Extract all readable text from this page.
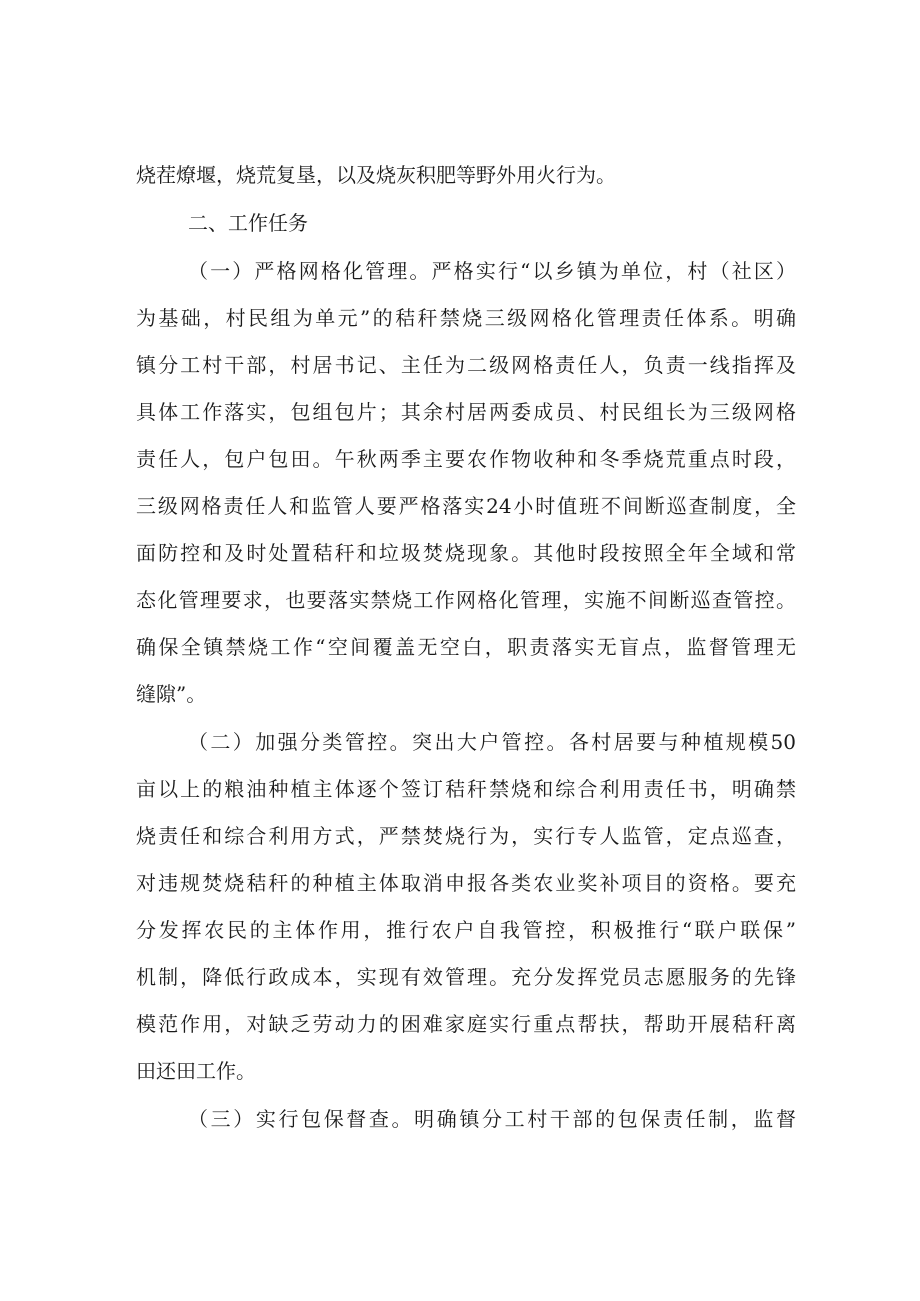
烧茬燎堰，烧荒复垦，以及烧灰积肥等野外用火行为。
二、工作任务
（一）严格网格化管理。严格实行“以乡镇为单位，村（社区）
为基础，村民组为单元”的秸秆禁烧三级网格化管理责任体系。明确
镇分工村干部，村居书记、主任为二级网格责任人，负责一线指挥及
具体工作落实，包组包片；其余村居两委成员、村民组长为三级网格
责任人，包户包田。午秋两季主要农作物收种和冬季烧荒重点时段，
三级网格责任人和监管人要严格落实24小时值班不间断巡查制度，全
面防控和及时处置秸秆和垃圾焚烧现象。其他时段按照全年全域和常
态化管理要求，也要落实禁烧工作网格化管理，实施不间断巡查管控。
确保全镇禁烧工作“空间覆盖无空白，职责落实无盲点，监督管理无
缝隙”。
（二）加强分类管控。突出大户管控。各村居要与种植规模50
亩以上的粮油种植主体逐个签订秸秆禁烧和综合利用责任书，明确禁
烧责任和综合利用方式，严禁焚烧行为，实行专人监管，定点巡查，
对违规焚烧秸秆的种植主体取消申报各类农业奖补项目的资格。要充
分发挥农民的主体作用，推行农户自我管控，积极推行“联户联保”
机制，降低行政成本，实现有效管理。充分发挥党员志愿服务的先锋
模范作用，对缺乏劳动力的困难家庭实行重点帮扶，帮助开展秸秆离
田还田工作。
（三）实行包保督查。明确镇分工村干部的包保责任制，监督
